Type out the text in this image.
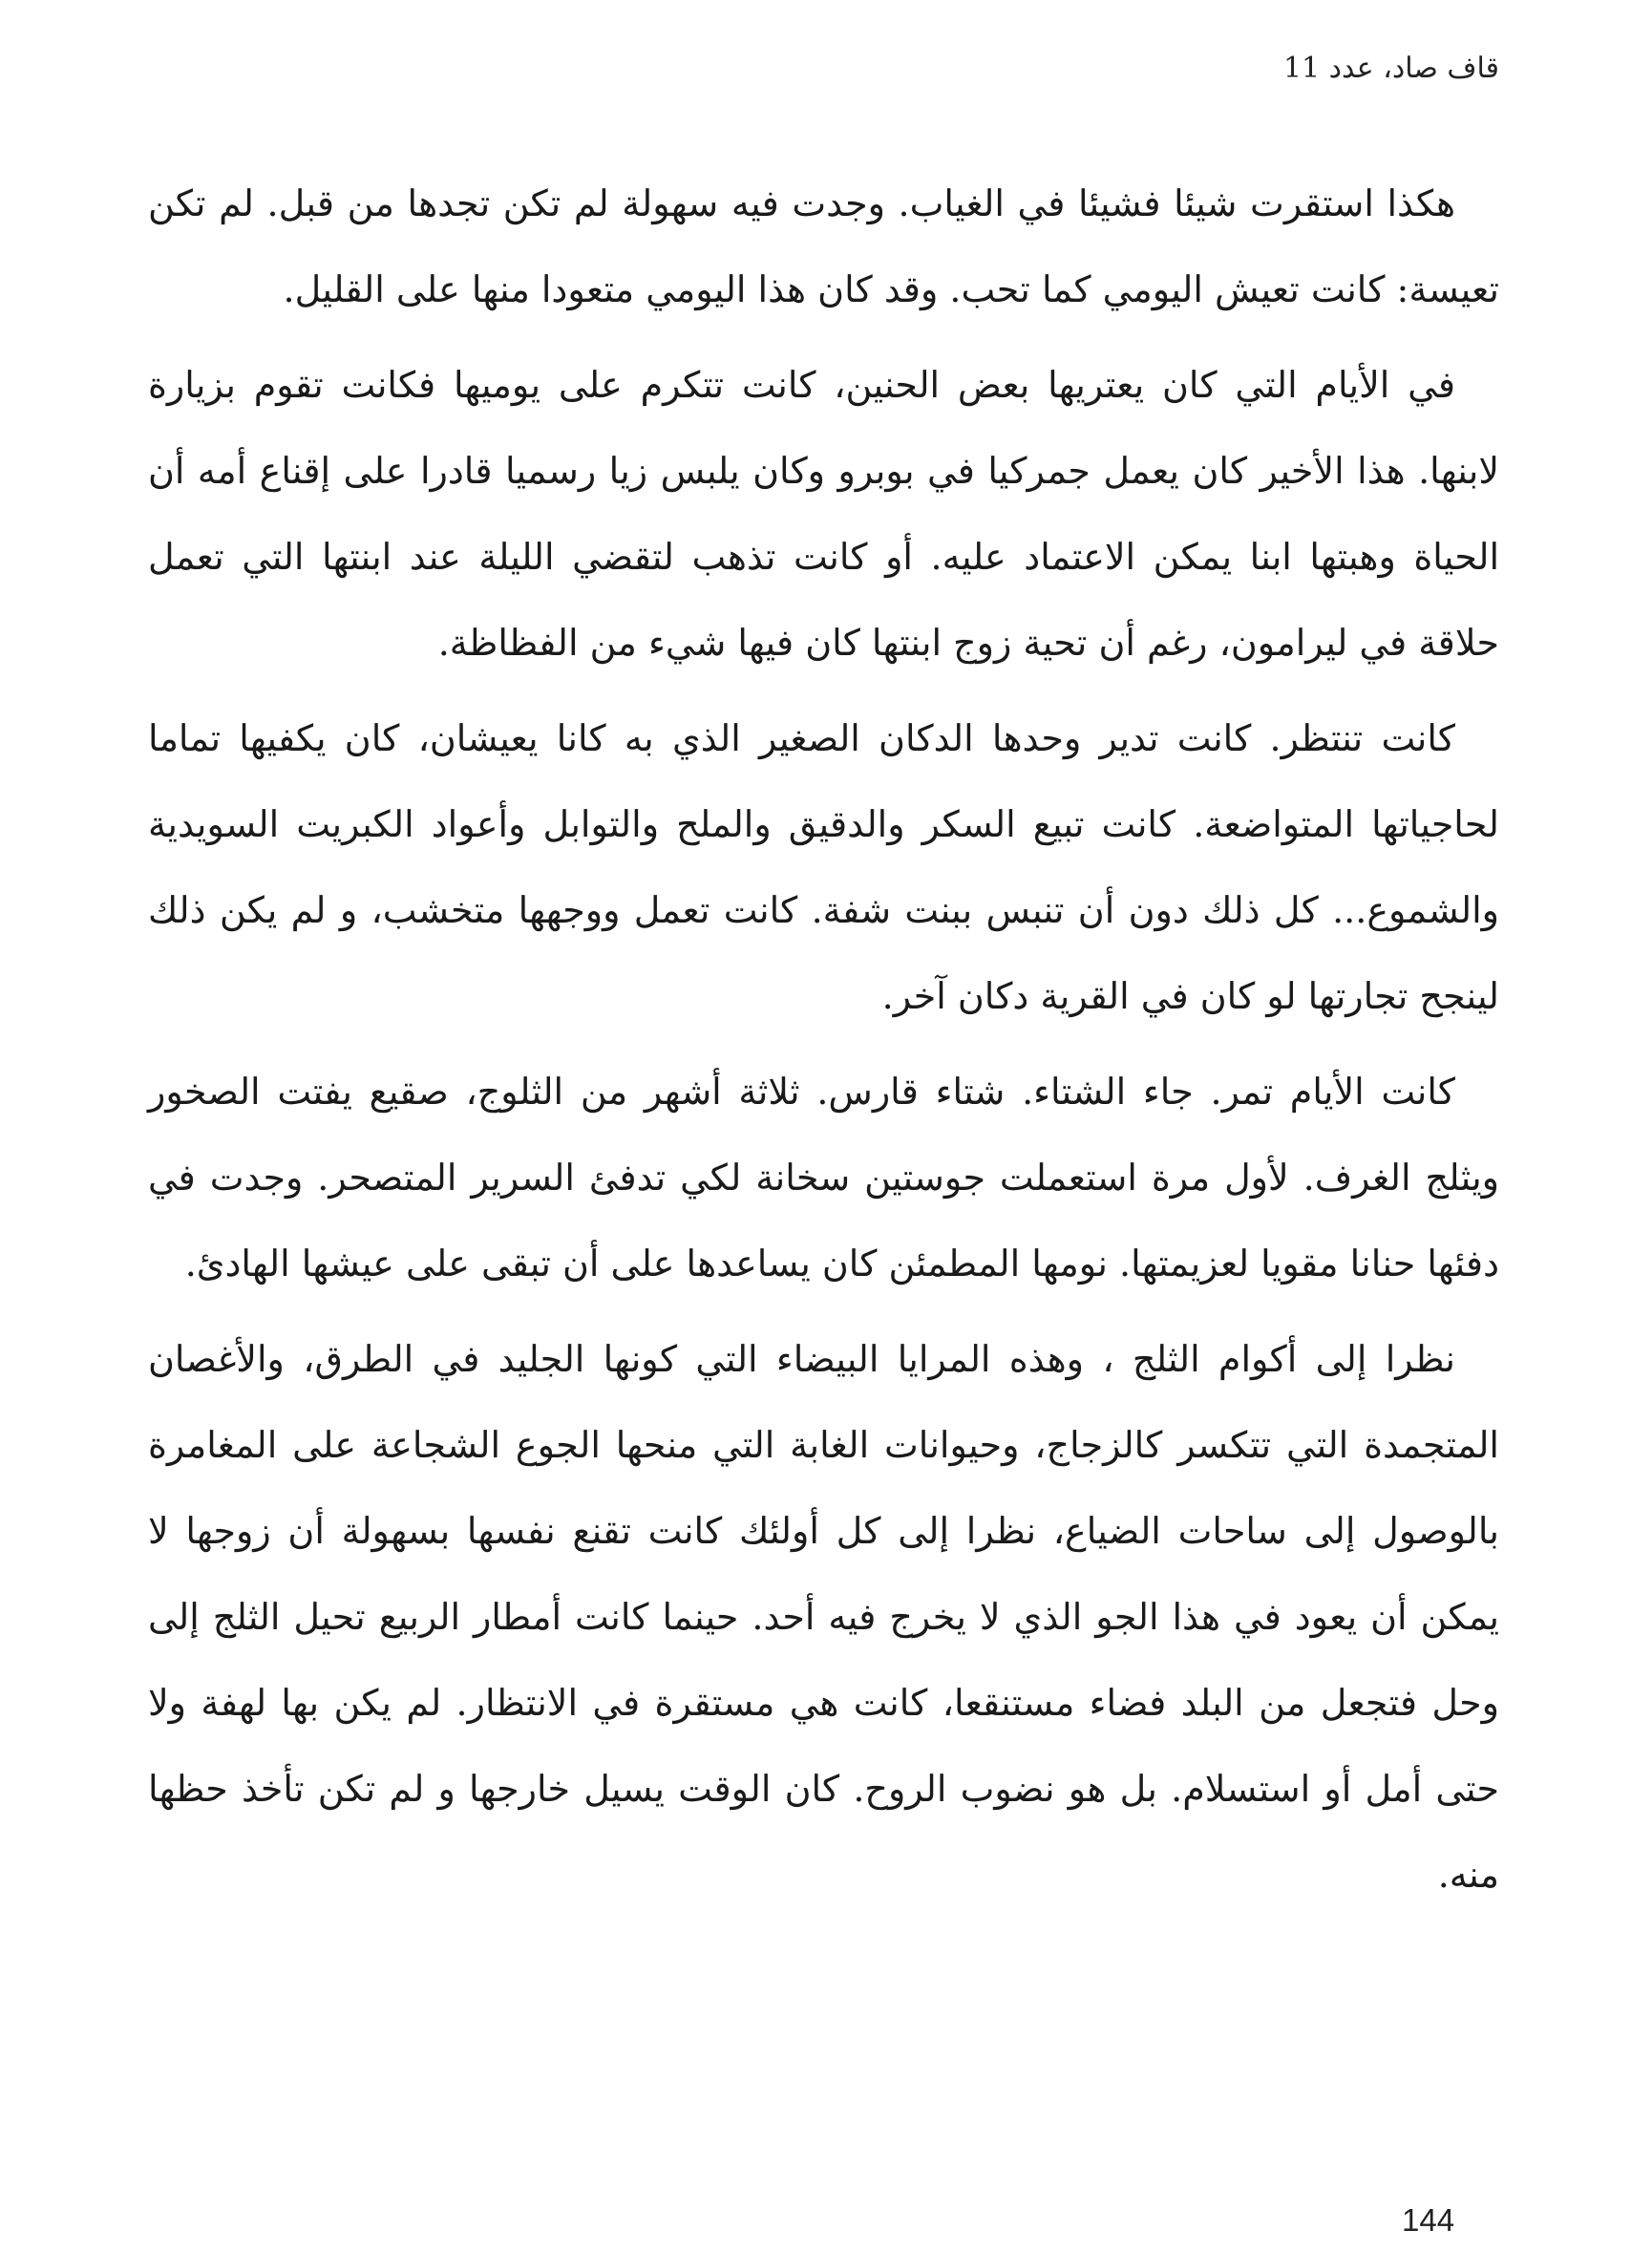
قاف صاد، عدد 11

هكذا استقرت شيئا فشيئا في الغياب. وجدت فيه سهولة لم تكن تجدها من قبل. لم تكن تعيسة: كانت تعيش اليومي كما تحب. وقد كان هذا اليومي متعودا منها على القليل.

في الأيام التي كان يعتريها بعض الحنين، كانت تتكرم على يوميها فكانت تقوم بزيارة لابنها. هذا الأخير كان يعمل جمركيا في بوبرو وكان يلبس زيا رسميا قادرا على إقناع أمه أن الحياة وهبتها ابنا يمكن الاعتماد عليه. أو كانت تذهب لتقضي الليلة عند ابنتها التي تعمل حلاقة في ليرامون، رغم أن تحية زوج ابنتها كان فيها شيء من الفظاظة.

كانت تنتظر. كانت تدير وحدها الدكان الصغير الذي به كانا يعيشان، كان يكفيها تماما لحاجياتها المتواضعة. كانت تبيع السكر والدقيق والملح والتوابل وأعواد الكبريت السويدية والشموع... كل ذلك دون أن تنبس ببنت شفة. كانت تعمل ووجهها متخشب، و لم يكن ذلك لينجح تجارتها لو كان في القرية دكان آخر.

كانت الأيام تمر. جاء الشتاء. شتاء قارس. ثلاثة أشهر من الثلوج، صقيع يفتت الصخور ويثلج الغرف. لأول مرة استعملت جوستين سخانة لكي تدفئ السرير المتصحر. وجدت في دفئها حنانا مقويا لعزيمتها. نومها المطمئن كان يساعدها على أن تبقى على عيشها الهادئ.

نظرا إلى أكوام الثلج ، وهذه المرايا البيضاء التي كونها الجليد في الطرق، والأغصان المتجمدة التي تتكسر كالزجاج، وحيوانات الغابة التي منحها الجوع الشجاعة على المغامرة بالوصول إلى ساحات الضياع، نظرا إلى كل أولئك كانت تقنع نفسها بسهولة أن زوجها لا يمكن أن يعود في هذا الجو الذي لا يخرج فيه أحد. حينما كانت أمطار الربيع تحيل الثلج إلى وحل فتجعل من البلد فضاء مستنقعا، كانت هي مستقرة في الانتظار. لم يكن بها لهفة ولا حتى أمل أو استسلام. بل هو نضوب الروح. كان الوقت يسيل خارجها و لم تكن تأخذ حظها منه.

144
